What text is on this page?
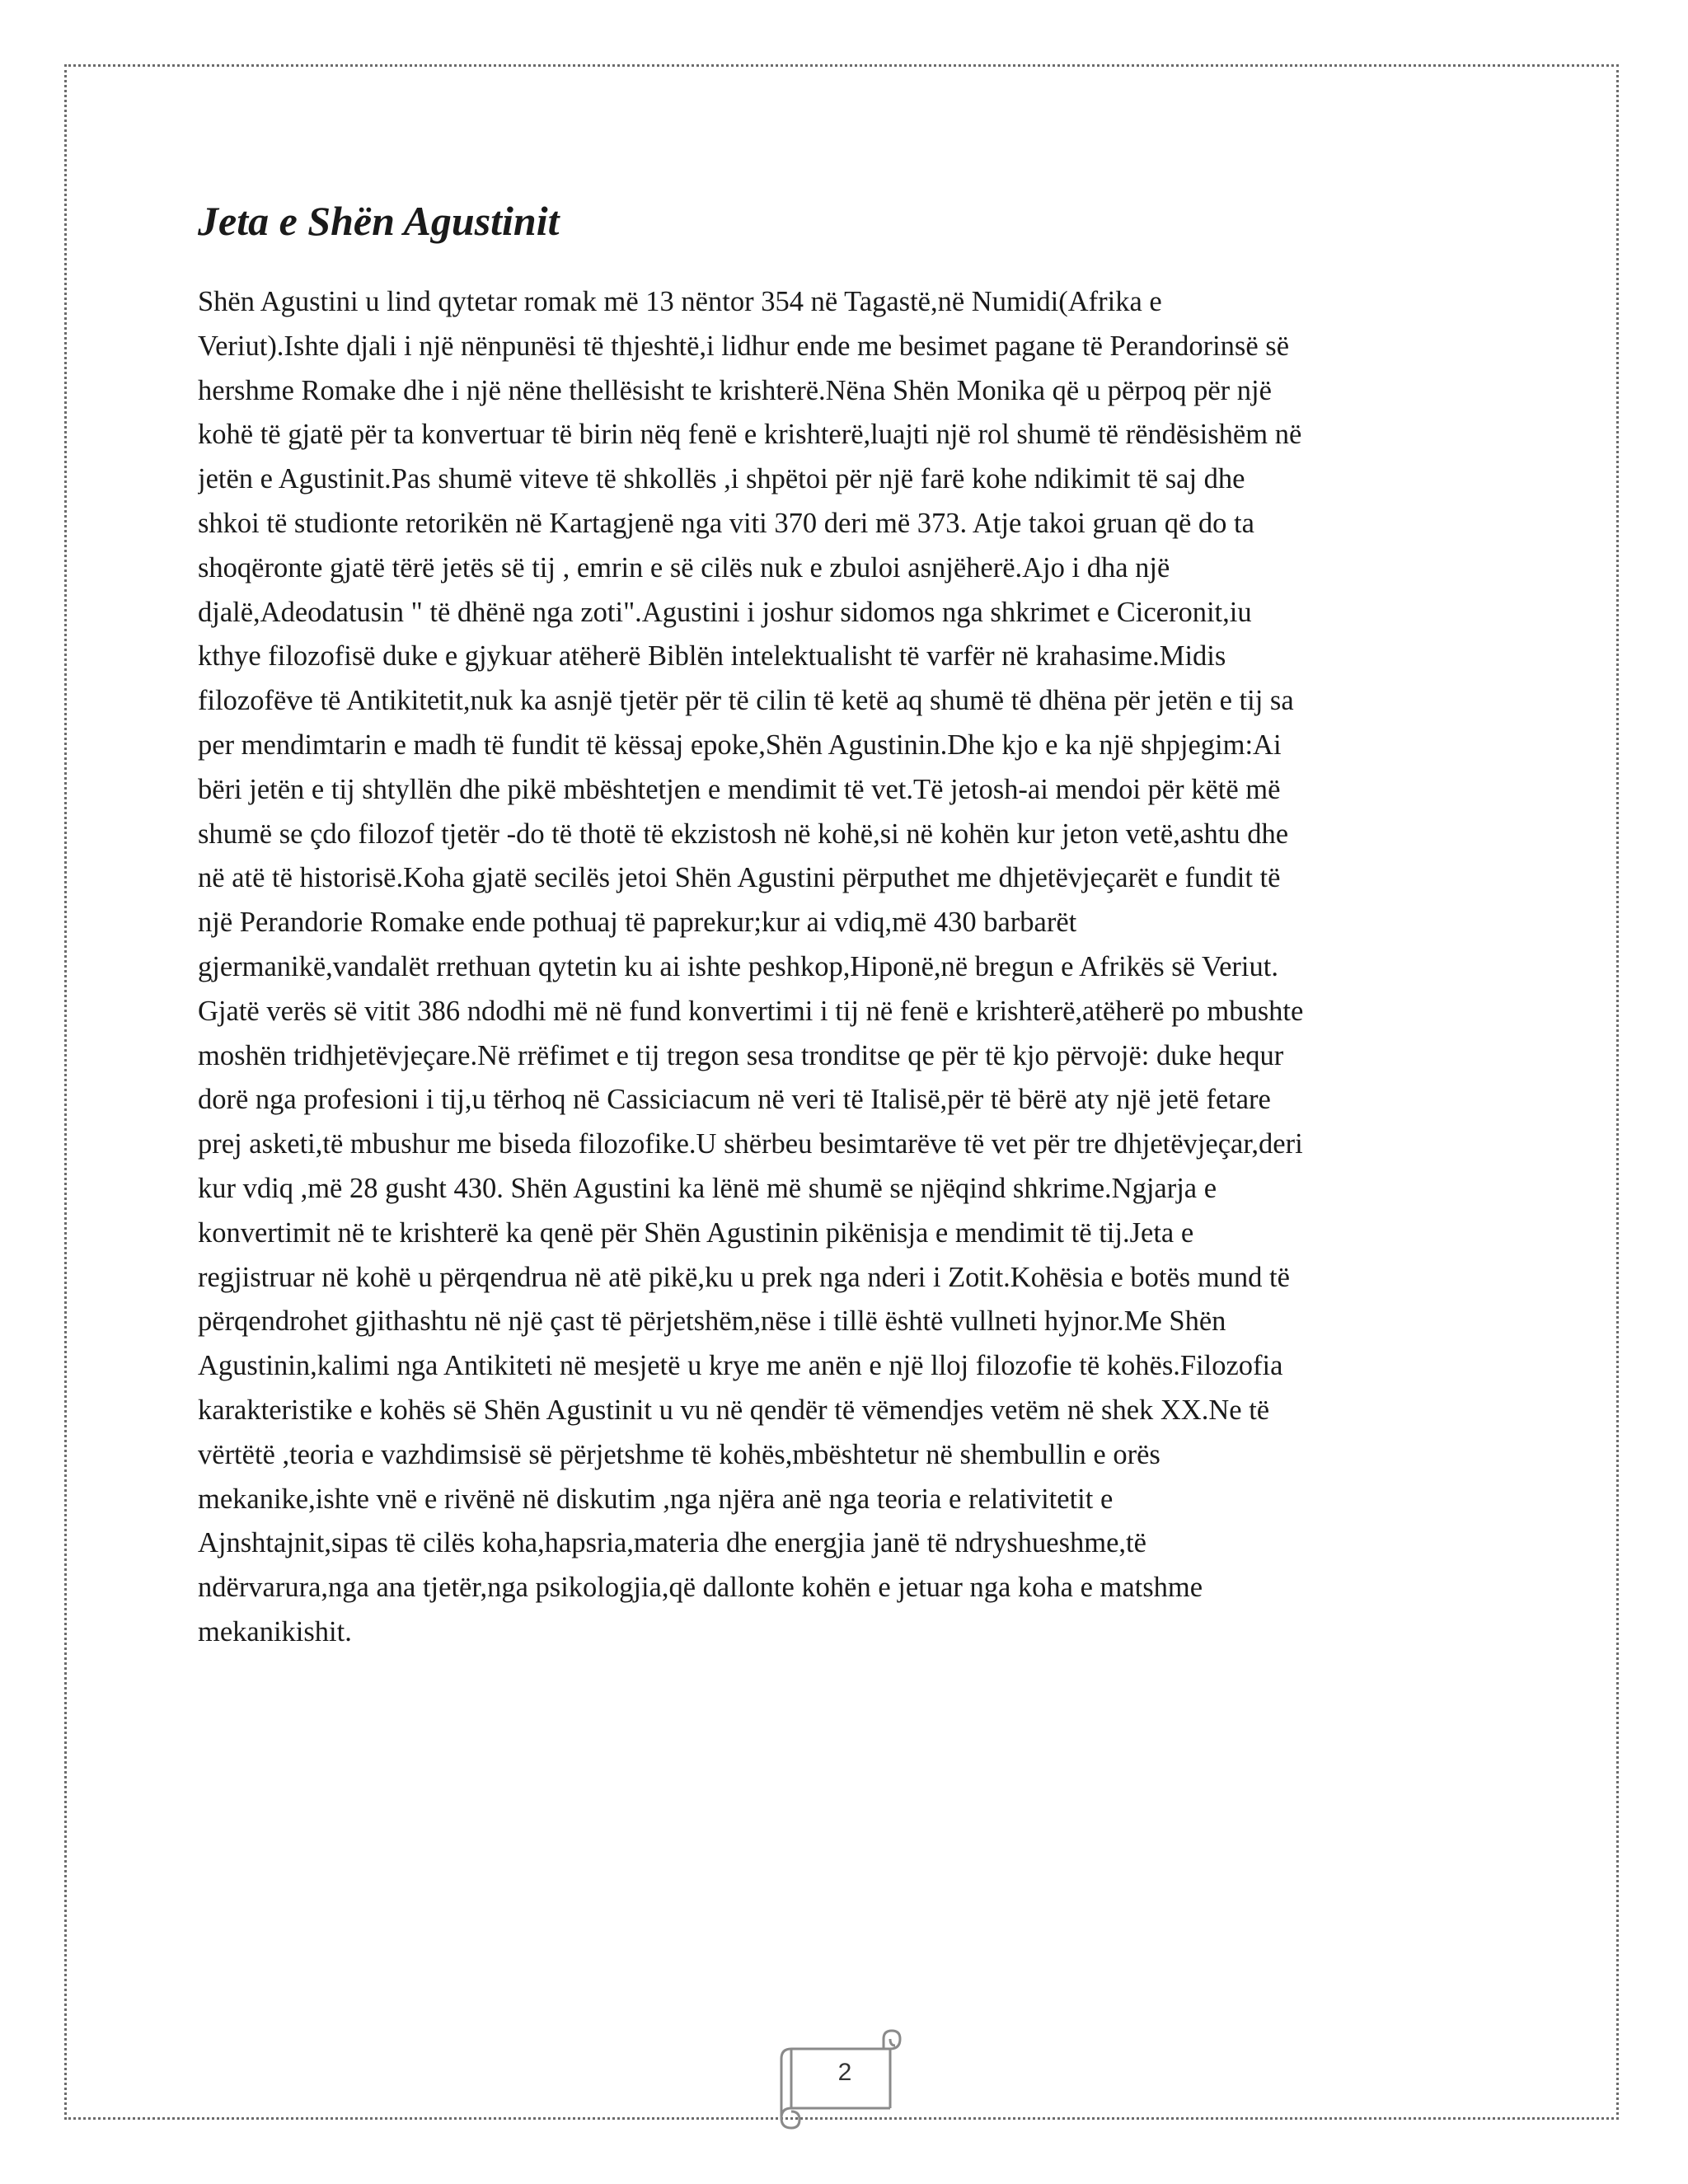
Jeta e Shën Agustinit
Shën Agustini u lind qytetar romak më 13 nëntor 354 në Tagastë,në Numidi(Afrika e
Veriut).Ishte djali i një nënpunësi të thjeshtë,i lidhur ende me besimet pagane të Perandorinsë së
hershme Romake dhe i një nëne thellësisht te krishterë.Nëna Shën Monika që u përpoq për një
kohë të gjatë për ta konvertuar të birin nëq fenë e krishterë,luajti një rol shumë të rëndësishëm në
jetën e Agustinit.Pas shumë viteve të shkollës ,i shpëtoi për një farë kohe ndikimit të saj dhe
shkoi të studionte retorikën në Kartagjenë nga viti 370 deri më 373. Atje takoi gruan që do ta
shoqëronte gjatë tërë jetës së tij , emrin e së cilës nuk e zbuloi asnjëherë.Ajo i dha një
djalë,Adeodatusin " të dhënë nga zoti".Agustini i joshur sidomos nga shkrimet e Ciceronit,iu
kthye filozofisë duke e gjykuar atëherë Biblën intelektualisht të varfër në krahasime.Midis
filozofëve të Antikitetit,nuk ka asnjë tjetër për të cilin të ketë aq shumë të dhëna për jetën e tij sa
per mendimtarin e madh të fundit të këssaj epoke,Shën Agustinin.Dhe kjo e ka një shpjegim:Ai
bëri jetën e tij shtyllën dhe pikë mbështetjen e mendimit të vet.Të jetosh-ai mendoi për këtë më
shumë se çdo filozof tjetër -do të thotë të ekzistosh në kohë,si në kohën kur jeton vetë,ashtu dhe
në atë të historisë.Koha gjatë secilës jetoi Shën Agustini përputhet me dhjetëvjeçarët e fundit të
një Perandorie Romake ende pothuaj të paprekur;kur ai vdiq,më 430 barbarët
gjermanikë,vandalët rrethuan qytetin ku ai ishte peshkop,Hiponë,në bregun e Afrikës së Veriut.
Gjatë verës së vitit 386 ndodhi më në fund konvertimi i tij në fenë e krishterë,atëherë po mbushte
moshën tridhjetëvjeçare.Në rrëfimet e tij tregon sesa tronditse qe për të kjo përvojë: duke hequr
dorë nga profesioni i tij,u tërhoq në Cassiciacum në veri të Italisë,për të bërë aty një jetë fetare
prej asketi,të mbushur me biseda filozofike.U shërbeu besimtarëve të vet për tre dhjetëvjeçar,deri
kur vdiq ,më 28 gusht 430. Shën Agustini ka lënë më shumë se njëqind shkrime.Ngjarja e
konvertimit në te krishterë ka qenë për Shën Agustinin pikënisja e mendimit të tij.Jeta e
regjistruar në kohë u përqendrua në atë pikë,ku u prek nga nderi i Zotit.Kohësia e botës mund të
përqendrohet gjithashtu në një çast të përjetshëm,nëse i tillë është vullneti hyjnor.Me Shën
Agustinin,kalimi nga Antikiteti në mesjetë u krye me anën e një lloj filozofie të kohës.Filozofia
karakteristike e kohës së Shën Agustinit u vu në qendër të vëmendjes vetëm në shek XX.Ne të
vërtëtë ,teoria e vazhdimsisë së përjetshme të kohës,mbështetur në shembullin e orës
mekanike,ishte vnë e rivënë në diskutim ,nga njëra anë nga teoria e relativitetit e
Ajnshtajnit,sipas të cilës koha,hapsria,materia dhe energjia janë të ndryshueshme,të
ndërvarura,nga ana tjetër,nga psikologjia,që dallonte kohën e jetuar nga koha e matshme
mekanikishit.
2
